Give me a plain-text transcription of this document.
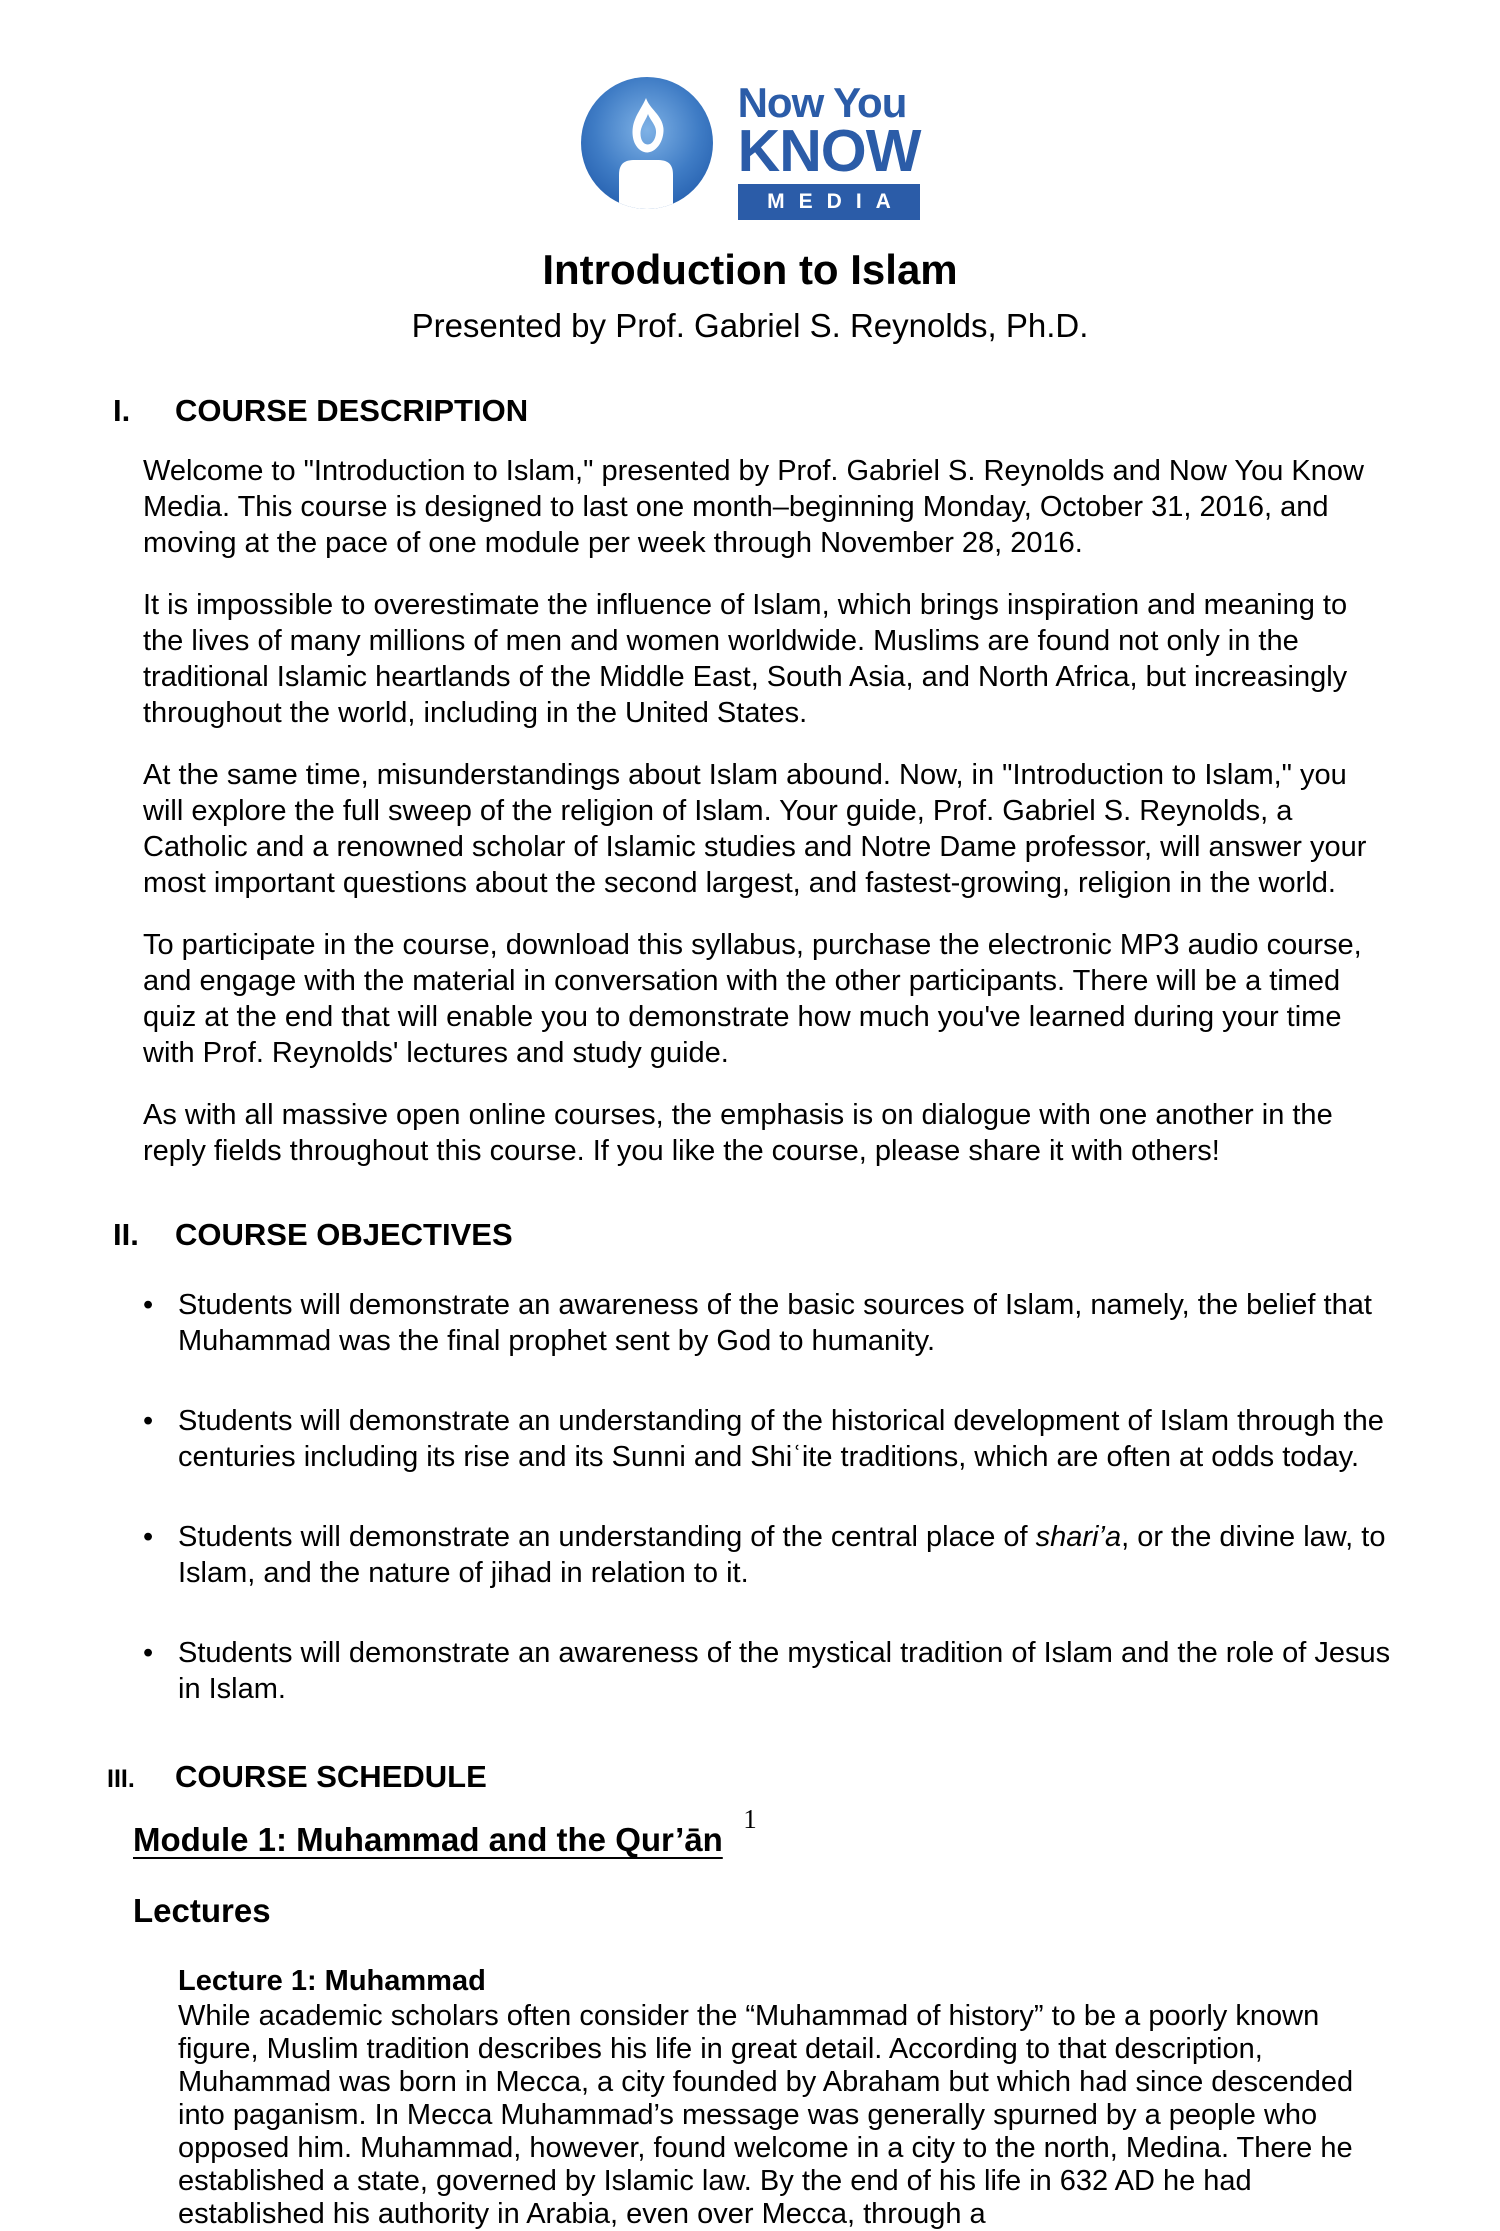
Now You
KNOW
MEDIA
Introduction to Islam
Presented by Prof. Gabriel S. Reynolds, Ph.D.
I.	COURSE DESCRIPTION

Welcome to "Introduction to Islam," presented by Prof. Gabriel S. Reynolds and Now You Know Media. This course is designed to last one month–beginning Monday, October 31, 2016, and moving at the pace of one module per week through November 28, 2016.

It is impossible to overestimate the influence of Islam, which brings inspiration and meaning to the lives of many millions of men and women worldwide. Muslims are found not only in the traditional Islamic heartlands of the Middle East, South Asia, and North Africa, but increasingly throughout the world, including in the United States.

At the same time, misunderstandings about Islam abound. Now, in "Introduction to Islam," you will explore the full sweep of the religion of Islam. Your guide, Prof. Gabriel S. Reynolds, a Catholic and a renowned scholar of Islamic studies and Notre Dame professor, will answer your most important questions about the second largest, and fastest-growing, religion in the world.

To participate in the course, download this syllabus, purchase the electronic MP3 audio course, and engage with the material in conversation with the other participants. There will be a timed quiz at the end that will enable you to demonstrate how much you've learned during your time with Prof. Reynolds' lectures and study guide.

As with all massive open online courses, the emphasis is on dialogue with one another in the reply fields throughout this course. If you like the course, please share it with others!

II.	COURSE OBJECTIVES
• Students will demonstrate an awareness of the basic sources of Islam, namely, the belief that Muhammad was the final prophet sent by God to humanity.
• Students will demonstrate an understanding of the historical development of Islam through the centuries including its rise and its Sunni and Shiʿite traditions, which are often at odds today.
• Students will demonstrate an understanding of the central place of shari’a, or the divine law, to Islam, and the nature of jihad in relation to it.
• Students will demonstrate an awareness of the mystical tradition of Islam and the role of Jesus in Islam.
III.	COURSE SCHEDULE
Module 1: Muhammad and the Qur’ān
Lectures
Lecture 1: Muhammad

While academic scholars often consider the “Muhammad of history” to be a poorly known figure, Muslim tradition describes his life in great detail. According to that description, Muhammad was born in Mecca, a city founded by Abraham but which had since descended into paganism. In Mecca Muhammad’s message was generally spurned by a people who opposed him. Muhammad, however, found welcome in a city to the north, Medina. There he established a state, governed by Islamic law. By the end of his life in 632 AD he had established his authority in Arabia, even over Mecca, through a

1
